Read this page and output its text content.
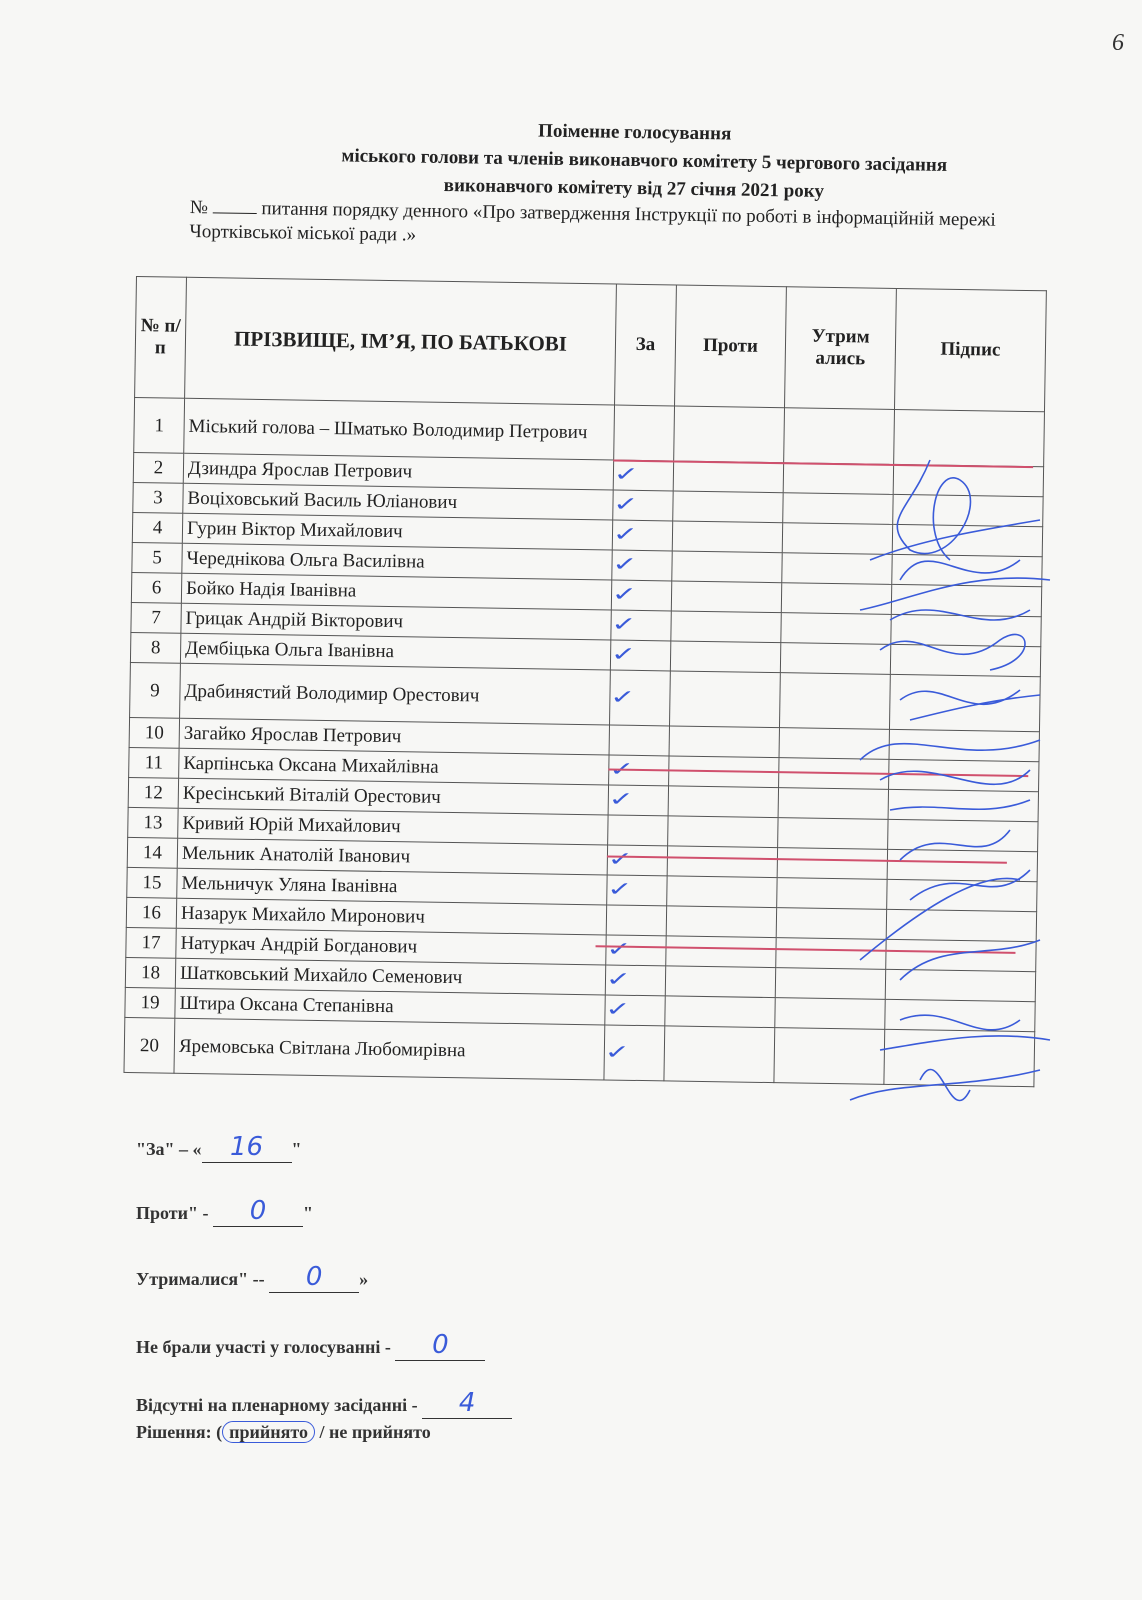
6
Поіменне голосування
міського голови та членів виконавчого комітету 5 чергового засідання
виконавчого комітету від 27 січня 2021 року
№	питання порядку денного «Про затвердження Інструкції по роботі в інформаційній мережі Чортківської міської ради .»
№ п/п	ПРІЗВИЩЕ, ІМ’Я, ПО БАТЬКОВІ	За	Проти	Утрим ались	Підпис
1	Міський голова – Шматько Володимир Петрович				
2	Дзиндра Ярослав Петрович	✓			
3	Воціховський Василь Юліанович	✓			
4	Гурин Віктор Михайлович	✓			
5	Череднікова Ольга Василівна	✓			
6	Бойко Надія Іванівна	✓			
7	Грицак Андрій Вікторович	✓			
8	Дембіцька Ольга Іванівна	✓			
9	Драбинястий Володимир Орестович	✓			
10	Загайко Ярослав Петрович				
11	Карпінська Оксана Михайлівна	✓			
12	Кресінський Віталій Орестович	✓			
13	Кривий Юрій Михайлович				
14	Мельник Анатолій Іванович	✓			
15	Мельничук Уляна Іванівна	✓			
16	Назарук Михайло Миронович				
17	Натуркач Андрій Богданович	✓			
18	Шатковський Михайло Семенович	✓			
19	Штира Оксана Степанівна	✓			
20	Яремовська Світлана Любомирівна	✓			
"За" – « 16 "
Проти" - 0 "
Утрималися" -- 0 »
Не брали участі у голосуванні - 0
Відсутні на пленарному засіданні - 4
Рішення: ( прийнято / не прийнято
